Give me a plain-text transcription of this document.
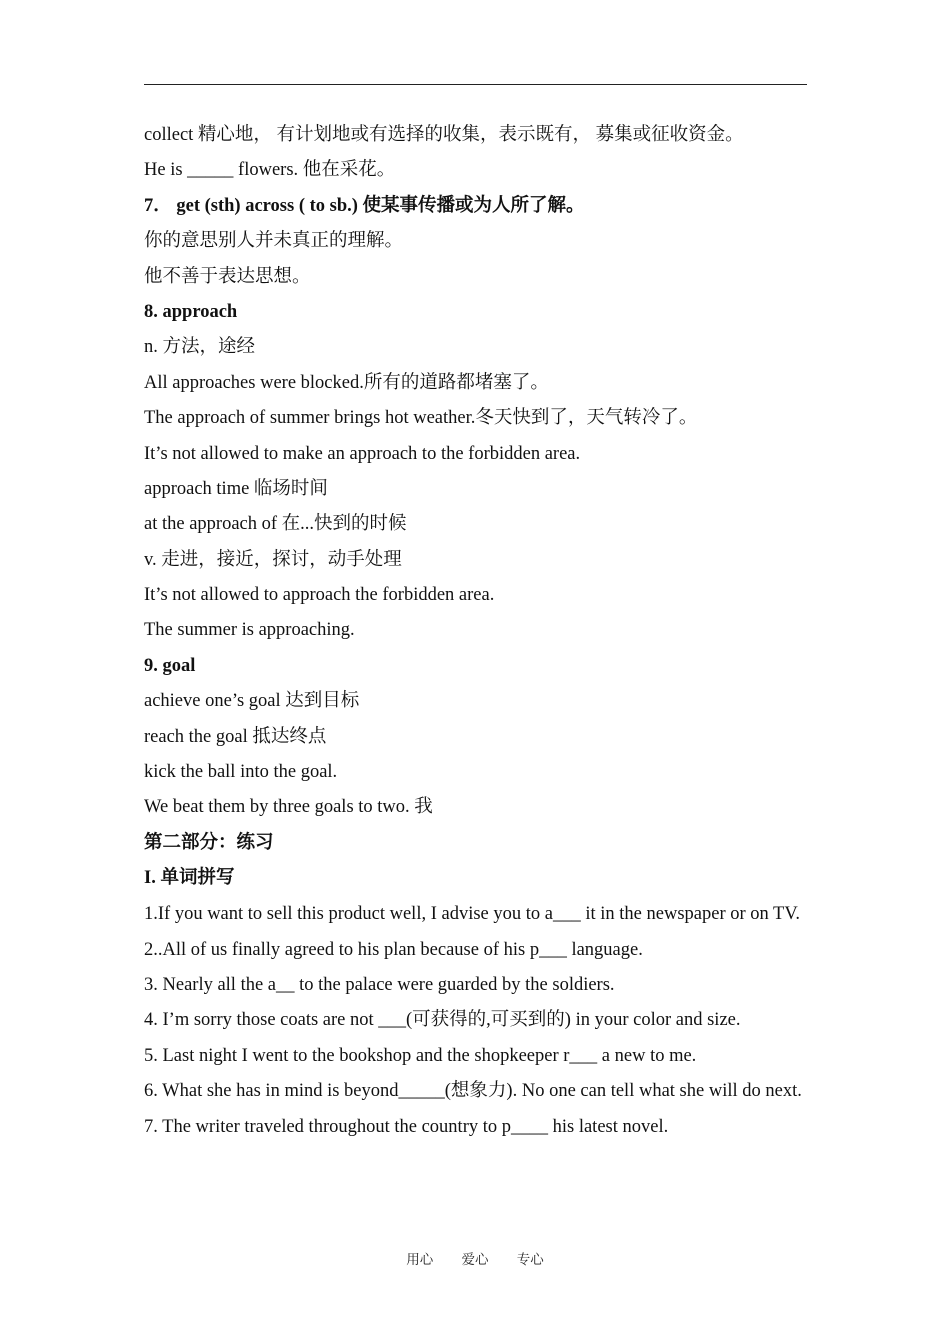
collect 精心地， 有计划地或有选择的收集，表示既有， 募集或征收资金。
He is _____ flowers. 他在采花。
7． get (sth) across ( to sb.) 使某事传播或为人所了解。
你的意思别人并未真正的理解。
他不善于表达思想。
8. approach
n. 方法，途经
All approaches were blocked.所有的道路都堵塞了。
The approach of summer brings hot weather.冬天快到了，天气转冷了。
It’s not allowed to make an approach to the forbidden area.
approach time 临场时间
at the approach of 在...快到的时候
v. 走进，接近，探讨，动手处理
It’s not allowed to approach the forbidden area.
The summer is approaching.
9. goal
achieve one’s goal 达到目标
reach the goal 抵达终点
kick the ball into the goal.
We beat them by three goals to two. 我
第二部分：练习
I. 单词拼写
1.If you want to sell this product well, I advise you to a___ it in the newspaper or on TV.
2..All of us finally agreed to his plan because of his p___ language.
3. Nearly all the a__ to the palace were guarded by the soldiers.
4. I’m sorry those coats are not ___(可获得的,可买到的) in your color and size.
5. Last night I went to the bookshop and the shopkeeper r___ a new to me.
6. What she has in mind is beyond_____(想象力). No one can tell what she will do next.
7. The writer traveled throughout the country to p____ his latest novel.
用心 爱心 专心
